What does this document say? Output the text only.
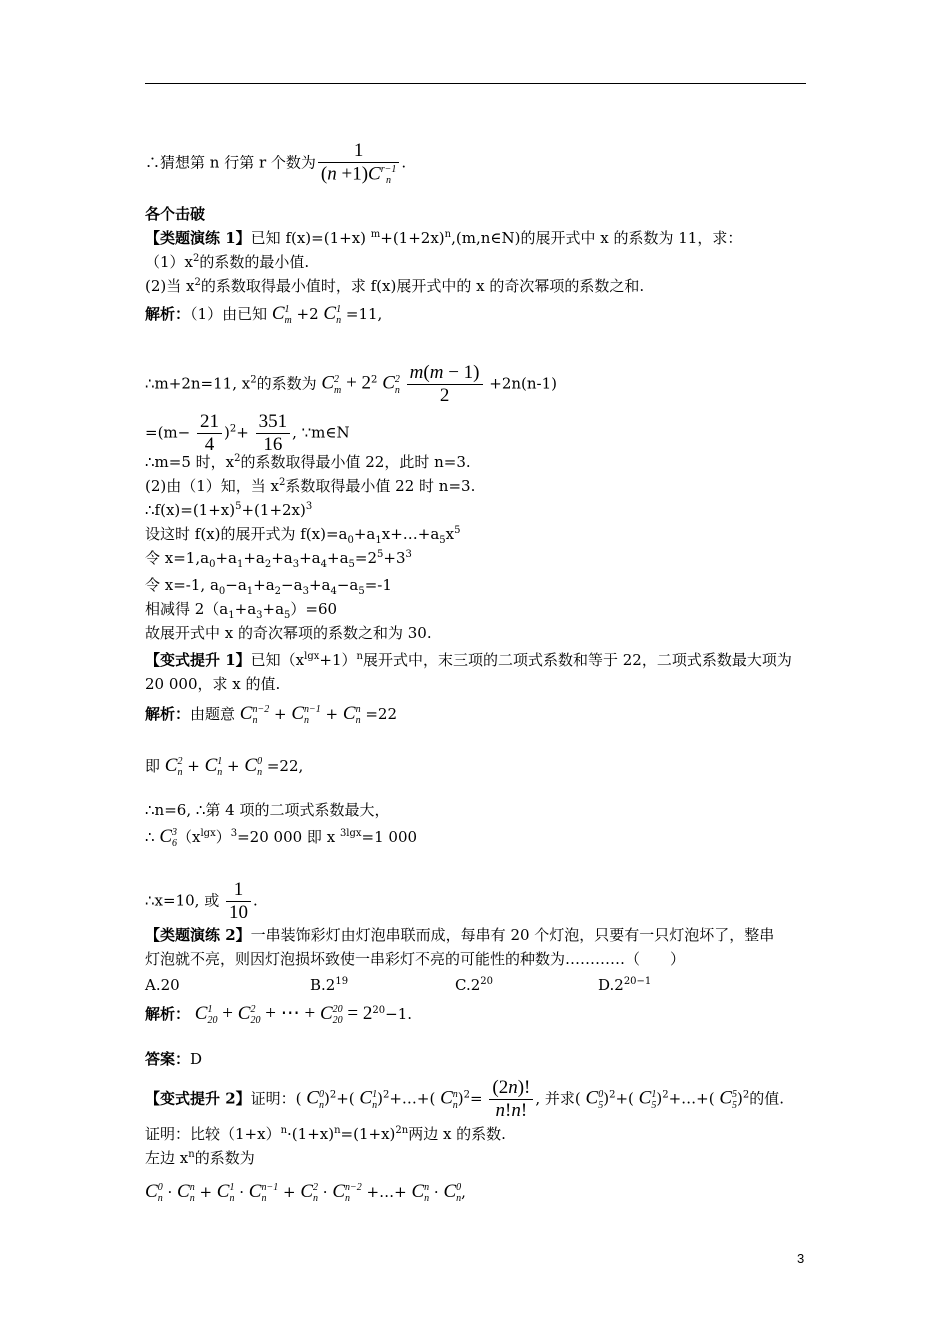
∴猜想第 n 行第 r 个数为 1
(n +1)C r−1
n .
各个击破
【类题演练 1】已知 f(x)=(1+x) $^m+(1+2x)^n,(m,n\in N)$的展开式中 x 的系数为 11，求：
$(1)x^2$的系数的最小值.
(2)当 $x^2$的系数取得最小值时，求 f(x)展开式中的 x 的奇次幂项的系数之和.
解析：（1）由已知 C 1
m +2 C 1
n =11,
∴m+2n=11, $x^2$的系数为 C 2
$m + 2^2$ C 2
n
$\frac{m(m - 1)}{2} +2n(n-1)$
$=(m- \frac{21}{4} )^2+ \frac{351}{16}$ , ∵m∈N
∴m=5 时，$x^2$的系数取得最小值 22，此时 n=3.
(2)由（1）知，当 $x^2$系数取得最小值 22 时 n=3.
$\therefore f(x)=(1+x)^5+(1+2x)^3$
设这时 f(x)的展开式为 $f(x)=a_0+a_1x+\dots+a_5x^5$
令 $x=1,a_0+a_1+a_2+a_3+a_4+a_5=2^5+3^3$
令 x=-1, $a_0-a_1+a_2-a_3+a_4-a_5=-1$
相减得 $2(a_1+a_3+a_5)=60$
故展开式中 x 的奇次幂项的系数之和为 30.
【变式提升 1】已知$(x^{lgx}+1)^n$展开式中，末三项的二项式系数和等于 22，二项式系数最大项为
20 000，求 x 的值.
解析：由题意 C n−2
n + C n−1
n + C n
n =22
即 C 2
n + C 1
n + C 0
n =22,
∴n=6, ∴第 4 项的二项式系数最大，
∴ C 3
6 $(x^{lgx})^3=20$ 000 即 x $^{3lgx}$=1 000
∴x=10, 或 $\frac{1}{10}$ .
【类题演练 2】一串装饰彩灯由灯泡串联而成，每串有 20 个灯泡，只要有一只灯泡坏了，整串
灯泡就不亮，则因灯泡损坏致使一串彩灯不亮的可能性的种数为…………（　　）
A.20	$B.2^{19}$	$C.2^{20}$	$D.2^{20-1}$
解析： C 1
20 + C 2
20 + ⋯ + C 20
$20 = 2^{20}-1$.
答案：D
【变式提升 2】证明：( C 0
n )$^2$+( C 1
n )$^2$+…+( C n
n )$^2= \frac{(2n)!}{n!n!}$ , 并求( C 0
5 )$^2$+( C 1
5 )$^2$+…+( C 5
5 )$^2$的值.
证明：比较$(1+x)^n\cdot(1+x)^n=(1+x)^{2n}$两边 x 的系数.
左边 $x^n$的系数为
C 0
n · C n
n + C 1
n · C n−1
n + C 2
n · C n−2
n +…+ C n
n · C 0
n ,
3
